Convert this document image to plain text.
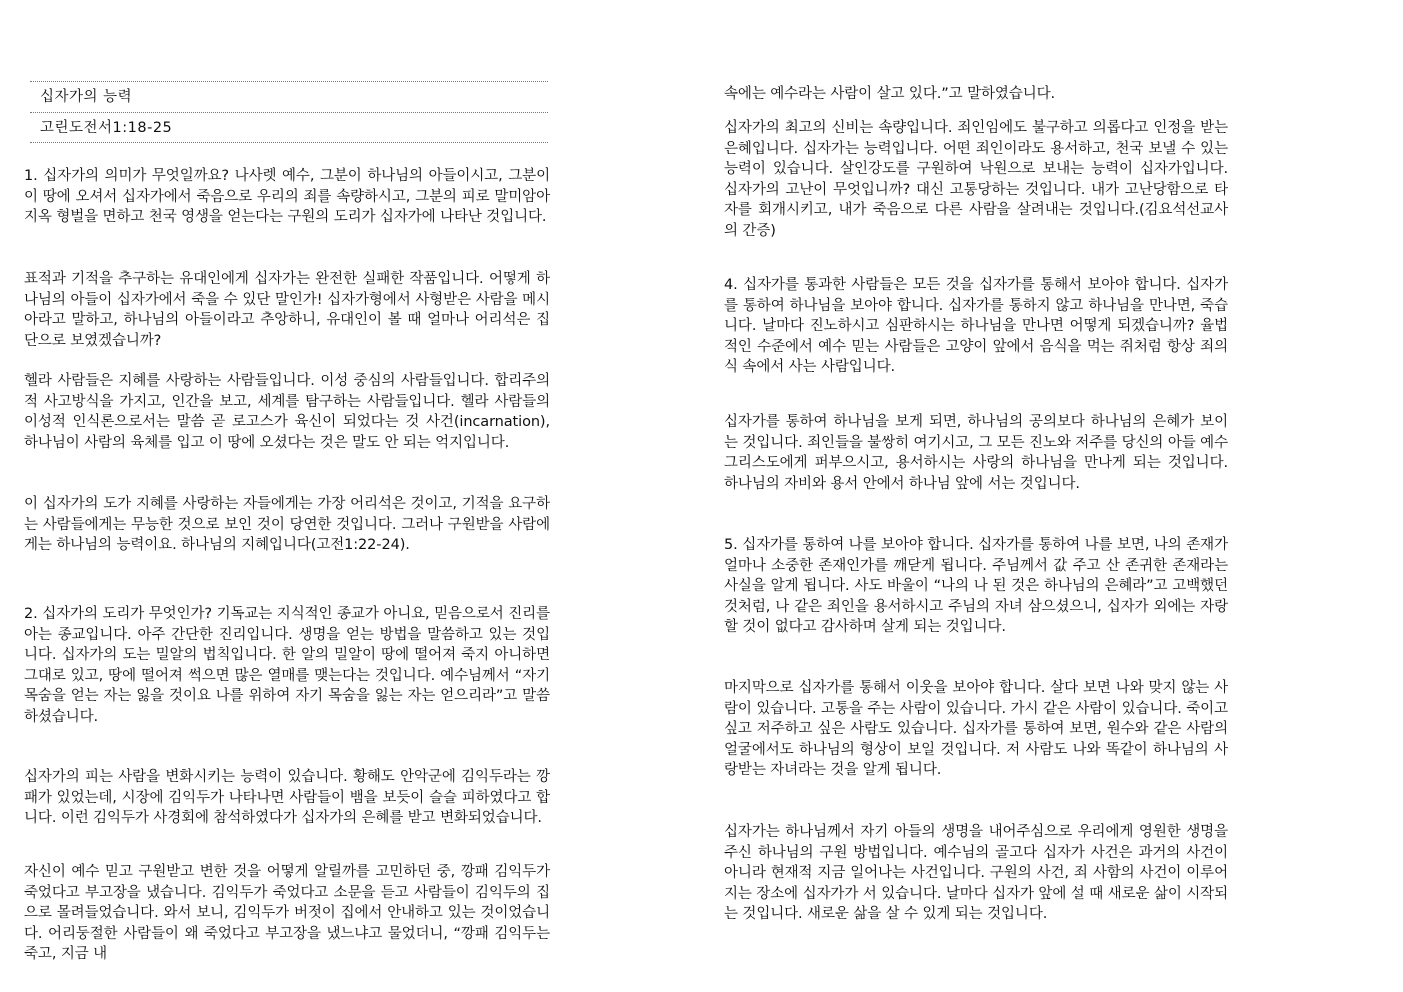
십자가의 능력
고린도전서1:18-25

1. 십자가의 의미가 무엇일까요? 나사렛 예수, 그분이 하나님의 아들이시고, 그분이 이 땅에 오셔서 십자가에서 죽음으로 우리의 죄를 속량하시고, 그분의 피로 말미암아 지옥 형벌을 면하고 천국 영생을 얻는다는 구원의 도리가 십자가에 나타난 것입니다.

표적과 기적을 추구하는 유대인에게 십자가는 완전한 실패한 작품입니다. 어떻게 하나님의 아들이 십자가에서 죽을 수 있단 말인가! 십자가형에서 사형받은 사람을 메시아라고 말하고, 하나님의 아들이라고 추앙하니, 유대인이 볼 때 얼마나 어리석은 집단으로 보였겠습니까?

헬라 사람들은 지혜를 사랑하는 사람들입니다. 이성 중심의 사람들입니다. 합리주의적 사고방식을 가지고, 인간을 보고, 세계를 탐구하는 사람들입니다. 헬라 사람들의 이성적 인식론으로서는 말씀 곧 로고스가 육신이 되었다는 것 사건(incarnation), 하나님이 사람의 육체를 입고 이 땅에 오셨다는 것은 말도 안 되는 억지입니다.

이 십자가의 도가 지혜를 사랑하는 자들에게는 가장 어리석은 것이고, 기적을 요구하는 사람들에게는 무능한 것으로 보인 것이 당연한 것입니다. 그러나 구원받을 사람에게는 하나님의 능력이요. 하나님의 지혜입니다(고전1:22-24).

2. 십자가의 도리가 무엇인가? 기독교는 지식적인 종교가 아니요, 믿음으로서 진리를 아는 종교입니다. 아주 간단한 진리입니다. 생명을 얻는 방법을 말씀하고 있는 것입니다. 십자가의 도는 밀알의 법칙입니다. 한 알의 밀알이 땅에 떨어져 죽지 아니하면 그대로 있고, 땅에 떨어져 썩으면 많은 열매를 맺는다는 것입니다. 예수님께서 “자기 목숨을 얻는 자는 잃을 것이요 나를 위하여 자기 목숨을 잃는 자는 얻으리라”고 말씀하셨습니다.

십자가의 피는 사람을 변화시키는 능력이 있습니다. 황해도 안악군에 김익두라는 깡패가 있었는데, 시장에 김익두가 나타나면 사람들이 뱀을 보듯이 슬슬 피하였다고 합니다. 이런 김익두가 사경회에 참석하였다가 십자가의 은혜를 받고 변화되었습니다.

자신이 예수 믿고 구원받고 변한 것을 어떻게 알릴까를 고민하던 중, 깡패 김익두가 죽었다고 부고장을 냈습니다. 김익두가 죽었다고 소문을 듣고 사람들이 김익두의 집으로 몰려들었습니다. 와서 보니, 김익두가 버젓이 집에서 안내하고 있는 것이었습니다. 어리둥절한 사람들이 왜 죽었다고 부고장을 냈느냐고 물었더니, “깡패 김익두는 죽고, 지금 내

속에는 예수라는 사람이 살고 있다.”고 말하였습니다.

십자가의 최고의 신비는 속량입니다. 죄인임에도 불구하고 의롭다고 인정을 받는 은혜입니다. 십자가는 능력입니다. 어떤 죄인이라도 용서하고, 천국 보낼 수 있는 능력이 있습니다. 살인강도를 구원하여 낙원으로 보내는 능력이 십자가입니다. 십자가의 고난이 무엇입니까? 대신 고통당하는 것입니다. 내가 고난당함으로 타자를 회개시키고, 내가 죽음으로 다른 사람을 살려내는 것입니다.(김요석선교사의 간증)

4. 십자가를 통과한 사람들은 모든 것을 십자가를 통해서 보아야 합니다. 십자가를 통하여 하나님을 보아야 합니다. 십자가를 통하지 않고 하나님을 만나면, 죽습니다. 날마다 진노하시고 심판하시는 하나님을 만나면 어떻게 되겠습니까? 율법적인 수준에서 예수 믿는 사람들은 고양이 앞에서 음식을 먹는 쥐처럼 항상 죄의식 속에서 사는 사람입니다.

십자가를 통하여 하나님을 보게 되면, 하나님의 공의보다 하나님의 은혜가 보이는 것입니다. 죄인들을 불쌍히 여기시고, 그 모든 진노와 저주를 당신의 아들 예수 그리스도에게 퍼부으시고, 용서하시는 사랑의 하나님을 만나게 되는 것입니다. 하나님의 자비와 용서 안에서 하나님 앞에 서는 것입니다.

5. 십자가를 통하여 나를 보아야 합니다. 십자가를 통하여 나를 보면, 나의 존재가 얼마나 소중한 존재인가를 깨닫게 됩니다. 주님께서 값 주고 산 존귀한 존재라는 사실을 알게 됩니다. 사도 바울이 “나의 나 된 것은 하나님의 은혜라”고 고백했던 것처럼, 나 같은 죄인을 용서하시고 주님의 자녀 삼으셨으니, 십자가 외에는 자랑할 것이 없다고 감사하며 살게 되는 것입니다.

마지막으로 십자가를 통해서 이웃을 보아야 합니다. 살다 보면 나와 맞지 않는 사람이 있습니다. 고통을 주는 사람이 있습니다. 가시 같은 사람이 있습니다. 죽이고 싶고 저주하고 싶은 사람도 있습니다. 십자가를 통하여 보면, 원수와 같은 사람의 얼굴에서도 하나님의 형상이 보일 것입니다. 저 사람도 나와 똑같이 하나님의 사랑받는 자녀라는 것을 알게 됩니다.

십자가는 하나님께서 자기 아들의 생명을 내어주심으로 우리에게 영원한 생명을 주신 하나님의 구원 방법입니다. 예수님의 골고다 십자가 사건은 과거의 사건이 아니라 현재적 지금 일어나는 사건입니다. 구원의 사건, 죄 사함의 사건이 이루어지는 장소에 십자가가 서 있습니다. 날마다 십자가 앞에 설 때 새로운 삶이 시작되는 것입니다. 새로운 삶을 살 수 있게 되는 것입니다.
